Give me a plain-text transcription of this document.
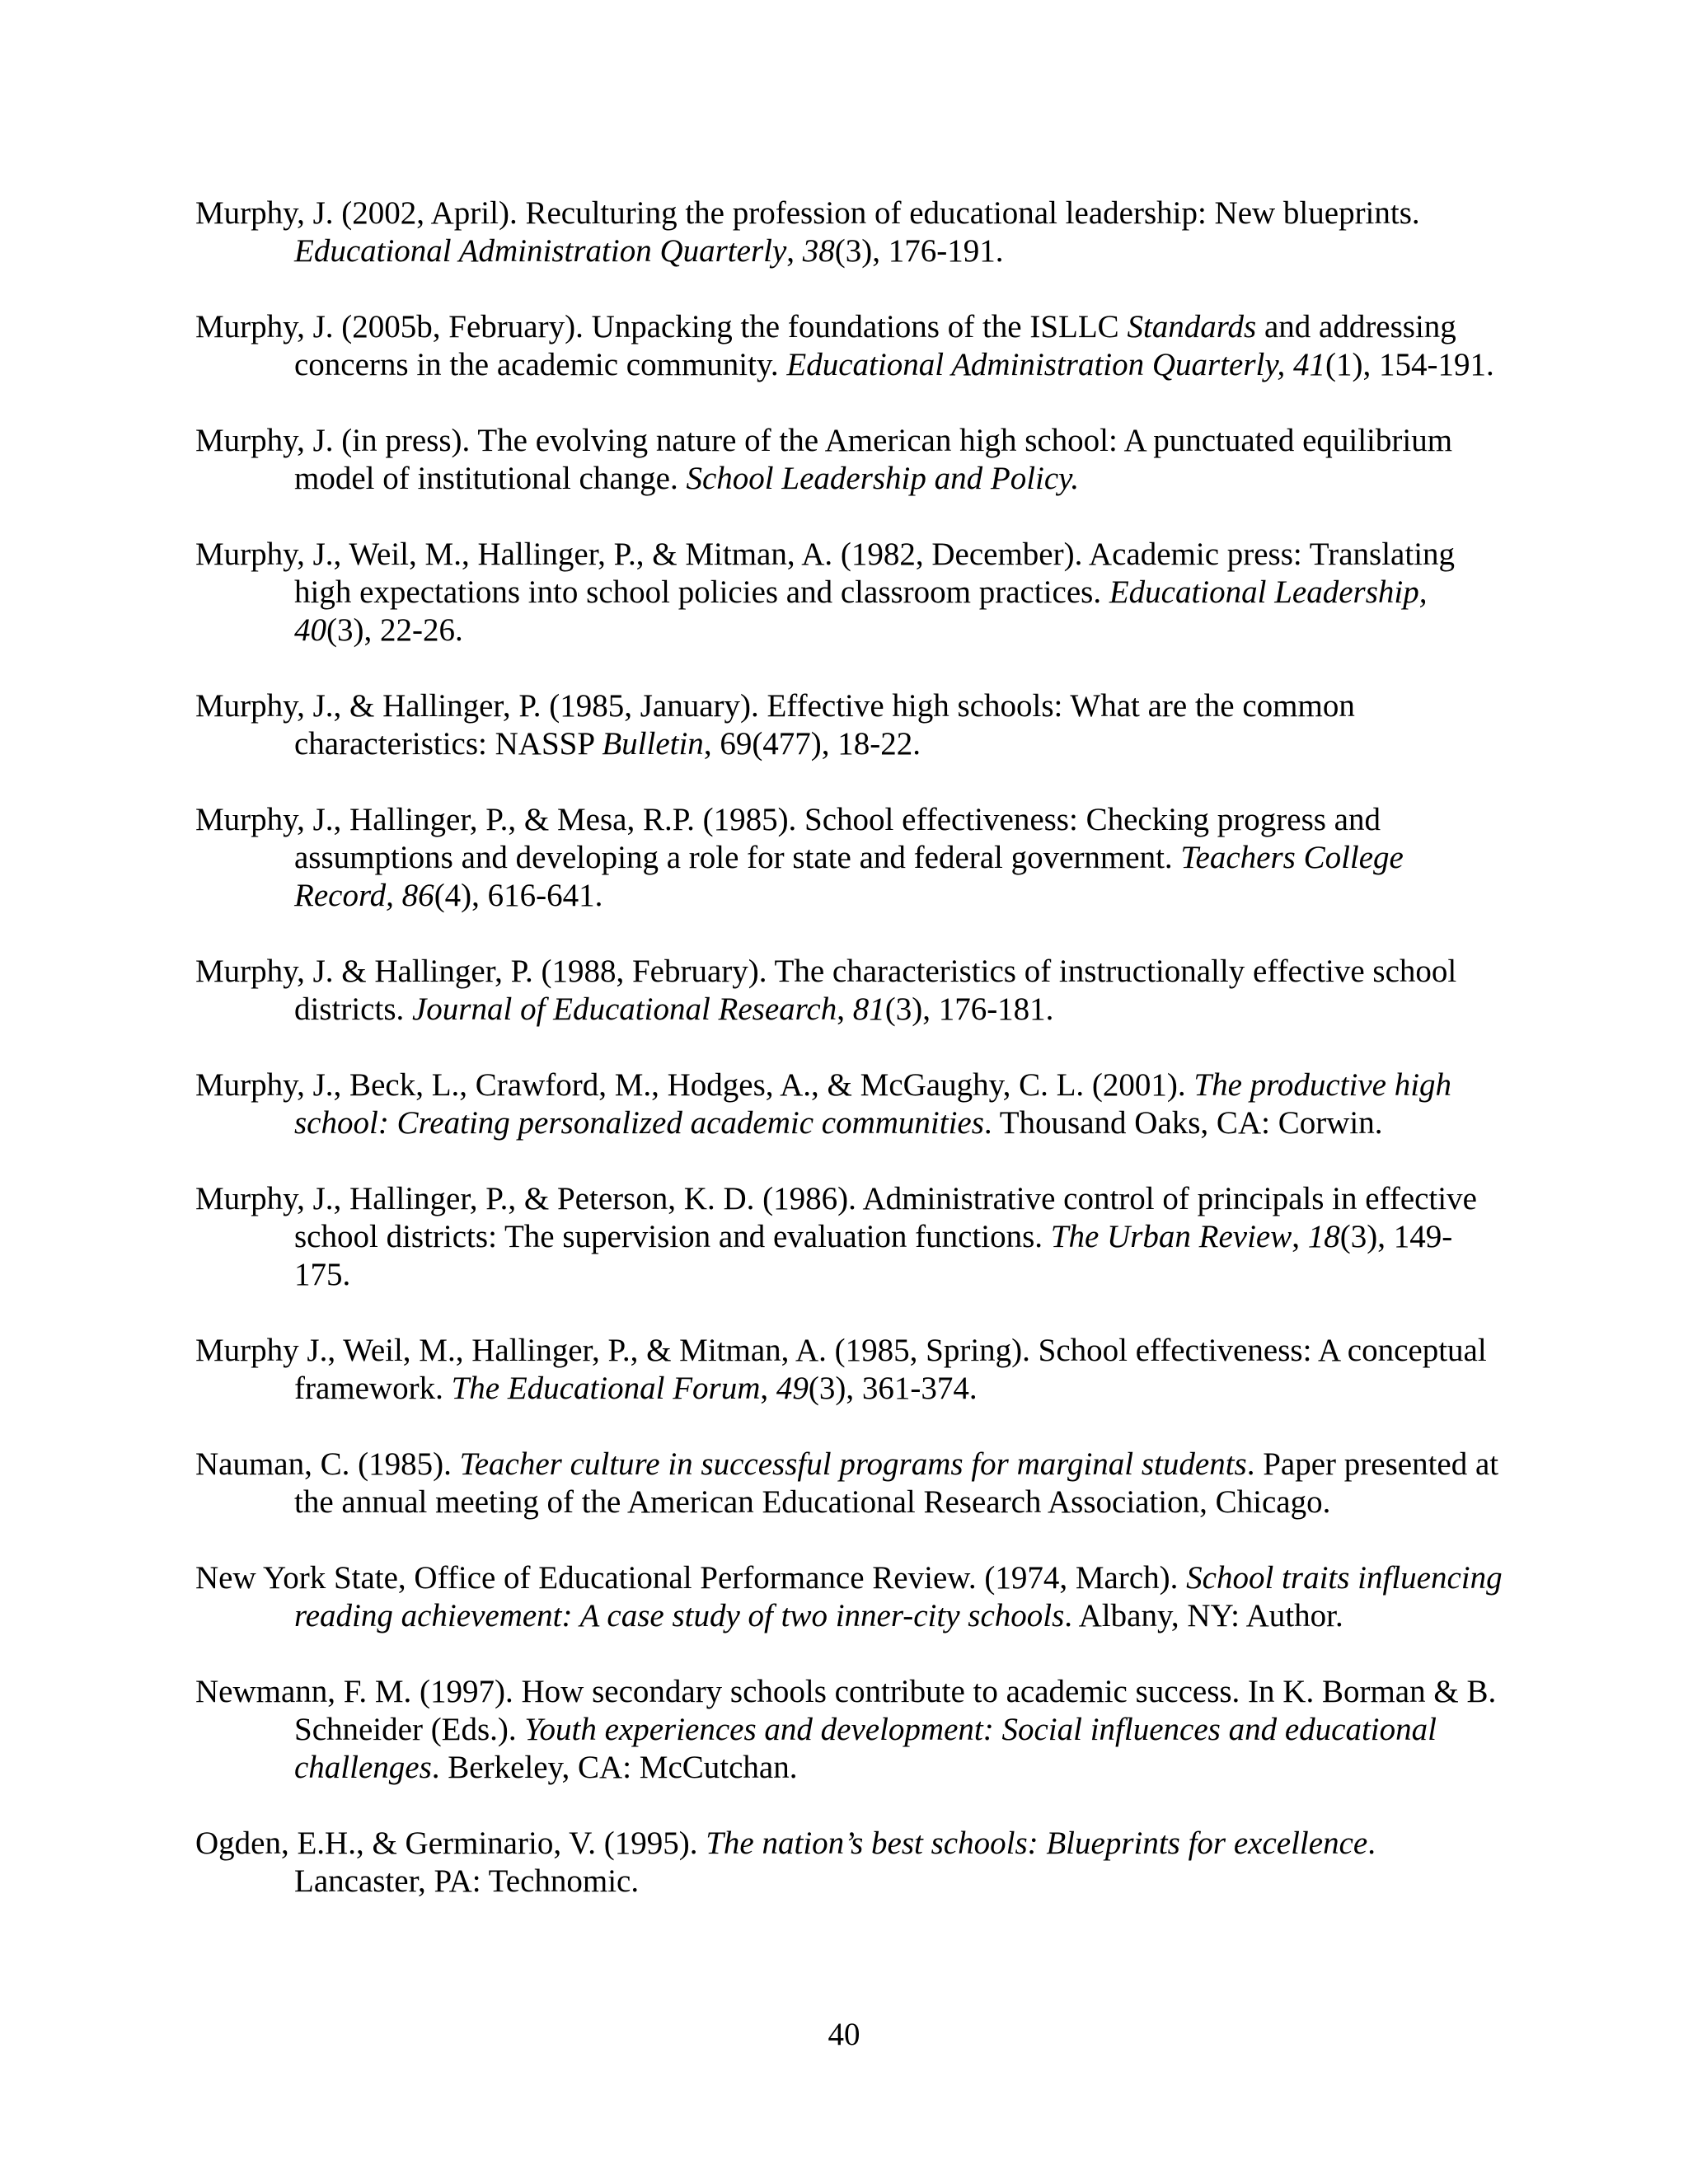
Murphy, J. (2002, April). Reculturing the profession of educational leadership: New blueprints. Educational Administration Quarterly, 38(3), 176-191.

Murphy, J. (2005b, February). Unpacking the foundations of the ISLLC Standards and addressing concerns in the academic community. Educational Administration Quarterly, 41(1), 154-191.

Murphy, J. (in press). The evolving nature of the American high school: A punctuated equilibrium model of institutional change. School Leadership and Policy.

Murphy, J., Weil, M., Hallinger, P., & Mitman, A. (1982, December). Academic press: Translating high expectations into school policies and classroom practices. Educational Leadership, 40(3), 22-26.

Murphy, J., & Hallinger, P. (1985, January). Effective high schools: What are the common characteristics: NASSP Bulletin, 69(477), 18-22.

Murphy, J., Hallinger, P., & Mesa, R.P. (1985). School effectiveness: Checking progress and assumptions and developing a role for state and federal government. Teachers College Record, 86(4), 616-641.

Murphy, J. & Hallinger, P. (1988, February). The characteristics of instructionally effective school districts. Journal of Educational Research, 81(3), 176-181.

Murphy, J., Beck, L., Crawford, M., Hodges, A., & McGaughy, C. L. (2001). The productive high school: Creating personalized academic communities. Thousand Oaks, CA: Corwin.

Murphy, J., Hallinger, P., & Peterson, K. D. (1986). Administrative control of principals in effective school districts: The supervision and evaluation functions. The Urban Review, 18(3), 149-175.

Murphy J., Weil, M., Hallinger, P., & Mitman, A. (1985, Spring). School effectiveness: A conceptual framework. The Educational Forum, 49(3), 361-374.

Nauman, C. (1985). Teacher culture in successful programs for marginal students. Paper presented at the annual meeting of the American Educational Research Association, Chicago.

New York State, Office of Educational Performance Review. (1974, March). School traits influencing reading achievement: A case study of two inner-city schools. Albany, NY: Author.

Newmann, F. M. (1997). How secondary schools contribute to academic success. In K. Borman & B. Schneider (Eds.). Youth experiences and development: Social influences and educational challenges. Berkeley, CA: McCutchan.

Ogden, E.H., & Germinario, V. (1995). The nation’s best schools: Blueprints for excellence. Lancaster, PA: Technomic.

40
